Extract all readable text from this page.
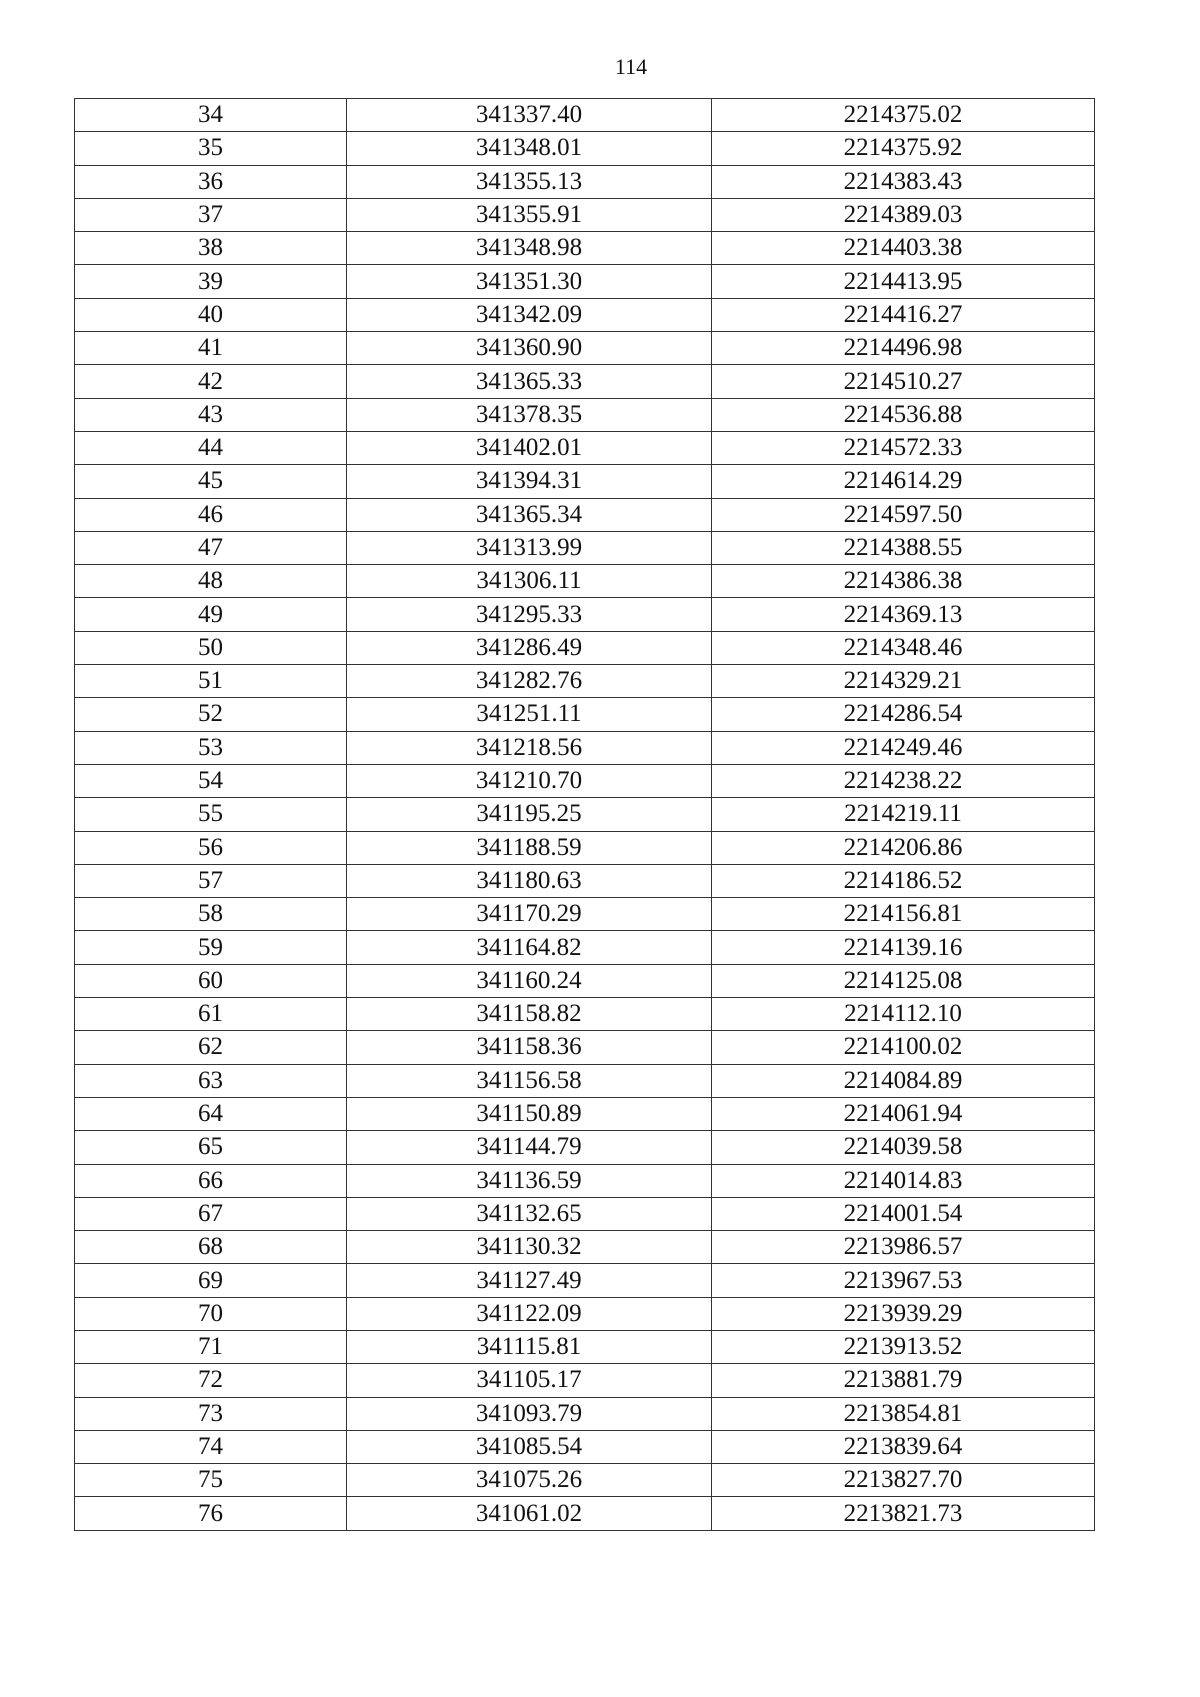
114
34	341337.40	2214375.02
35	341348.01	2214375.92
36	341355.13	2214383.43
37	341355.91	2214389.03
38	341348.98	2214403.38
39	341351.30	2214413.95
40	341342.09	2214416.27
41	341360.90	2214496.98
42	341365.33	2214510.27
43	341378.35	2214536.88
44	341402.01	2214572.33
45	341394.31	2214614.29
46	341365.34	2214597.50
47	341313.99	2214388.55
48	341306.11	2214386.38
49	341295.33	2214369.13
50	341286.49	2214348.46
51	341282.76	2214329.21
52	341251.11	2214286.54
53	341218.56	2214249.46
54	341210.70	2214238.22
55	341195.25	2214219.11
56	341188.59	2214206.86
57	341180.63	2214186.52
58	341170.29	2214156.81
59	341164.82	2214139.16
60	341160.24	2214125.08
61	341158.82	2214112.10
62	341158.36	2214100.02
63	341156.58	2214084.89
64	341150.89	2214061.94
65	341144.79	2214039.58
66	341136.59	2214014.83
67	341132.65	2214001.54
68	341130.32	2213986.57
69	341127.49	2213967.53
70	341122.09	2213939.29
71	341115.81	2213913.52
72	341105.17	2213881.79
73	341093.79	2213854.81
74	341085.54	2213839.64
75	341075.26	2213827.70
76	341061.02	2213821.73
